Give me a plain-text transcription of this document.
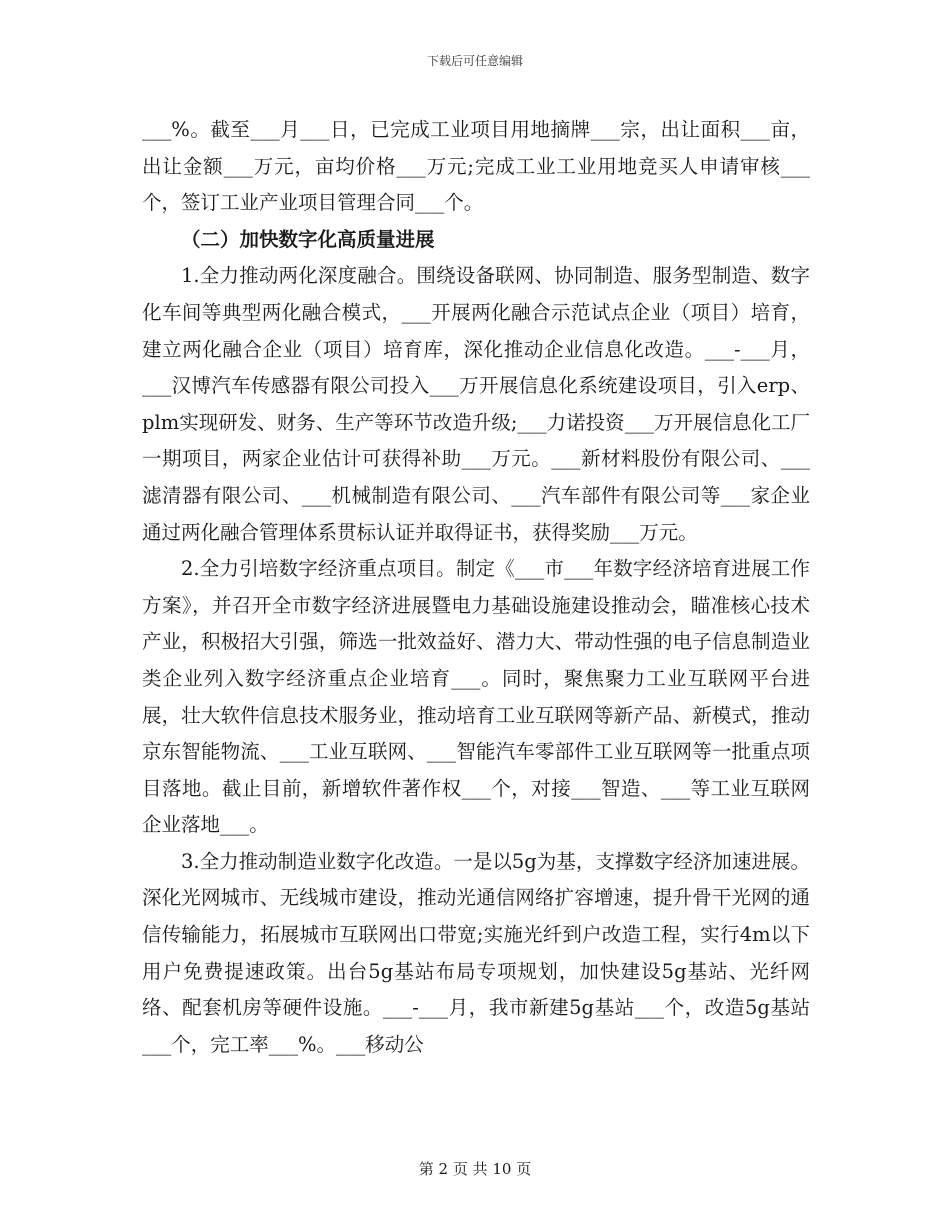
下载后可任意编辑

___%。截至___月___日，已完成工业项目用地摘牌___宗，出让面积___亩，出让金额___万元，亩均价格___万元;完成工业工业用地竞买人申请审核___个，签订工业产业项目管理合同___个。

（二）加快数字化高质量进展

1.全力推动两化深度融合。围绕设备联网、协同制造、服务型制造、数字化车间等典型两化融合模式，___开展两化融合示范试点企业（项目）培育，建立两化融合企业（项目）培育库，深化推动企业信息化改造。___-___月，___汉博汽车传感器有限公司投入___万开展信息化系统建设项目，引入erp、plm实现研发、财务、生产等环节改造升级;___力诺投资___万开展信息化工厂一期项目，两家企业估计可获得补助___万元。___新材料股份有限公司、___滤清器有限公司、___机械制造有限公司、___汽车部件有限公司等___家企业通过两化融合管理体系贯标认证并取得证书，获得奖励___万元。

2.全力引培数字经济重点项目。制定《___市___年数字经济培育进展工作方案》，并召开全市数字经济进展暨电力基础设施建设推动会，瞄准核心技术产业，积极招大引强，筛选一批效益好、潜力大、带动性强的电子信息制造业类企业列入数字经济重点企业培育___。同时，聚焦聚力工业互联网平台进展，壮大软件信息技术服务业，推动培育工业互联网等新产品、新模式，推动京东智能物流、___工业互联网、___智能汽车零部件工业互联网等一批重点项目落地。截止目前，新增软件著作权___个，对接___智造、___等工业互联网企业落地___。

3.全力推动制造业数字化改造。一是以5g为基，支撑数字经济加速进展。深化光网城市、无线城市建设，推动光通信网络扩容增速，提升骨干光网的通信传输能力，拓展城市互联网出口带宽;实施光纤到户改造工程，实行4m以下用户免费提速政策。出台5g基站布局专项规划，加快建设5g基站、光纤网络、配套机房等硬件设施。___-___月，我市新建5g基站___个，改造5g基站___个，完工率___%。___移动公

第 2 页 共 10 页
